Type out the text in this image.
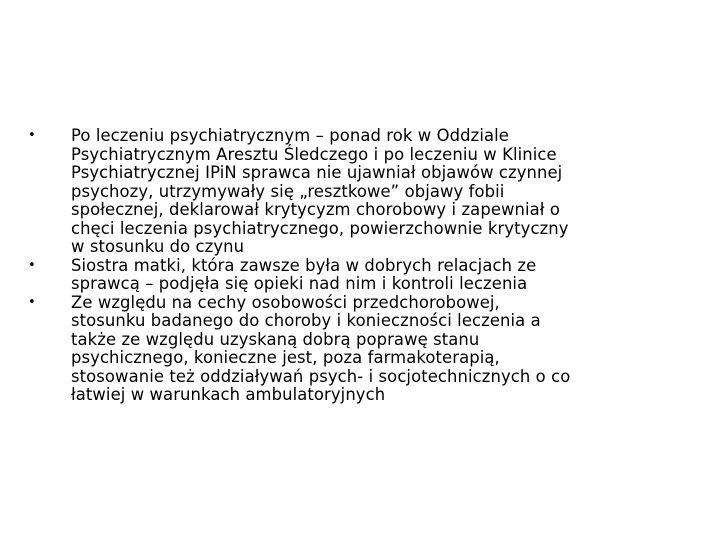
•	Po leczeniu psychiatrycznym – ponad rok w Oddziale
Psychiatrycznym Aresztu Śledczego i po leczeniu w Klinice
Psychiatrycznej IPiN sprawca nie ujawniał objawów czynnej
psychozy, utrzymywały się „resztkowe” objawy fobii
społecznej, deklarował krytycyzm chorobowy i zapewniał o
chęci leczenia psychiatrycznego, powierzchownie krytyczny
w stosunku do czynu
•	Siostra matki, która zawsze była w dobrych relacjach ze
sprawcą – podjęła się opieki nad nim i kontroli leczenia
•	Ze względu na cechy osobowości przedchorobowej,
stosunku badanego do choroby i konieczności leczenia a
także ze względu uzyskaną dobrą poprawę stanu
psychicznego, konieczne jest, poza farmakoterapią,
stosowanie też oddziaływań psych- i socjotechnicznych o co
łatwiej w warunkach ambulatoryjnych
